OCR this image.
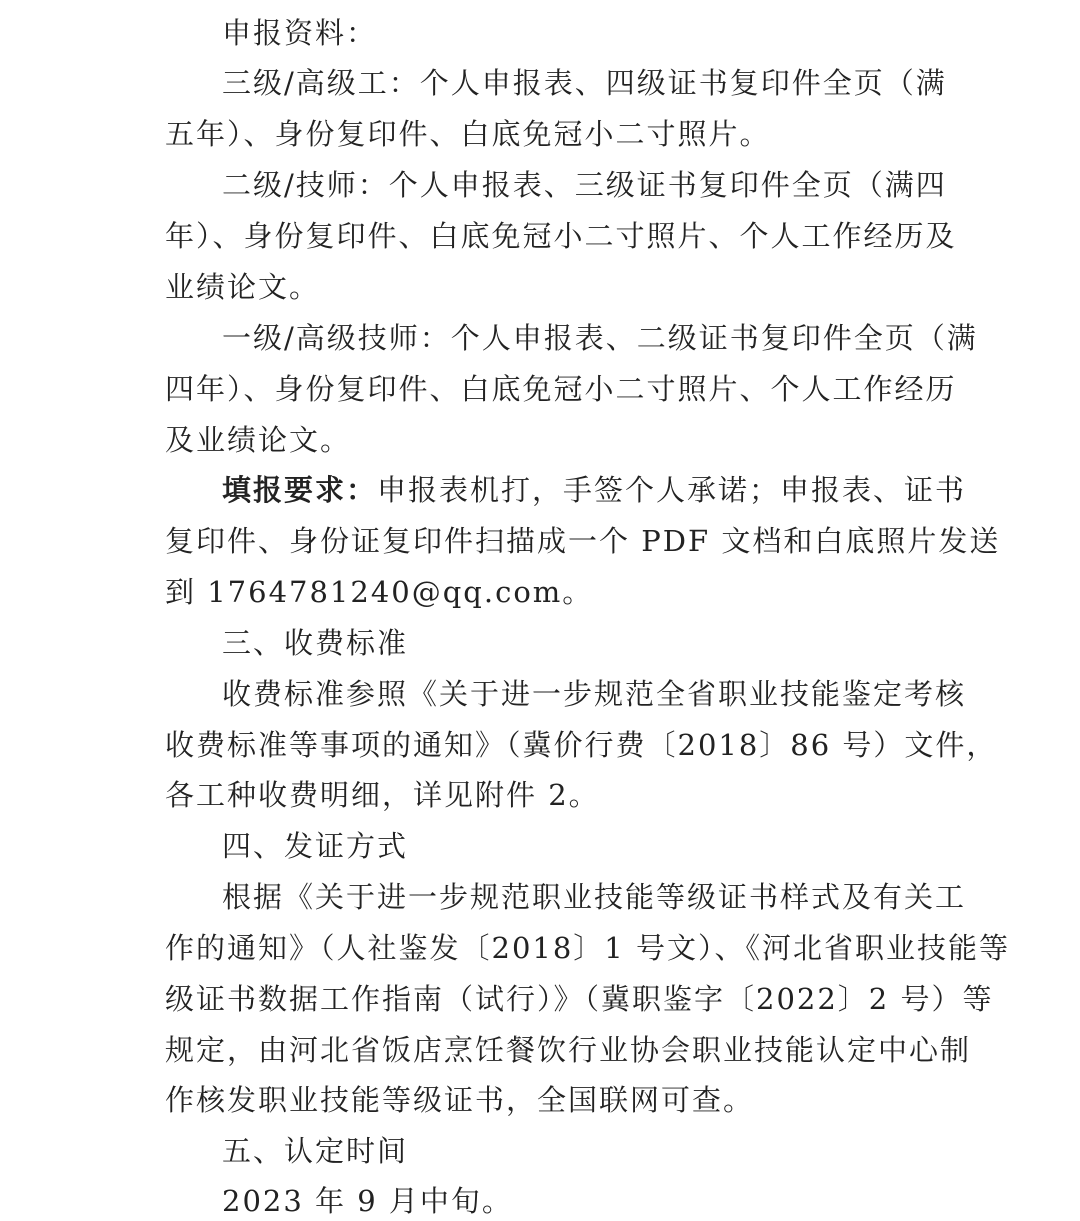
申报资料：
三级/高级工：个人申报表、四级证书复印件全页（满
五年）、身份复印件、白底免冠小二寸照片。
二级/技师：个人申报表、三级证书复印件全页（满四
年）、身份复印件、白底免冠小二寸照片、个人工作经历及
业绩论文。
一级/高级技师：个人申报表、二级证书复印件全页（满
四年）、身份复印件、白底免冠小二寸照片、个人工作经历
及业绩论文。
填报要求：申报表机打，手签个人承诺；申报表、证书
复印件、身份证复印件扫描成一个 PDF 文档和白底照片发送
到 1764781240@qq.com。
三、收费标准
收费标准参照《关于进一步规范全省职业技能鉴定考核
收费标准等事项的通知》（冀价行费〔2018〕86 号）文件，
各工种收费明细，详见附件 2。
四、发证方式
根据《关于进一步规范职业技能等级证书样式及有关工
作的通知》（人社鉴发〔2018〕1 号文）、《河北省职业技能等
级证书数据工作指南（试行）》（冀职鉴字〔2022〕2 号）等
规定，由河北省饭店烹饪餐饮行业协会职业技能认定中心制
作核发职业技能等级证书，全国联网可查。
五、认定时间
2023 年 9 月中旬。
